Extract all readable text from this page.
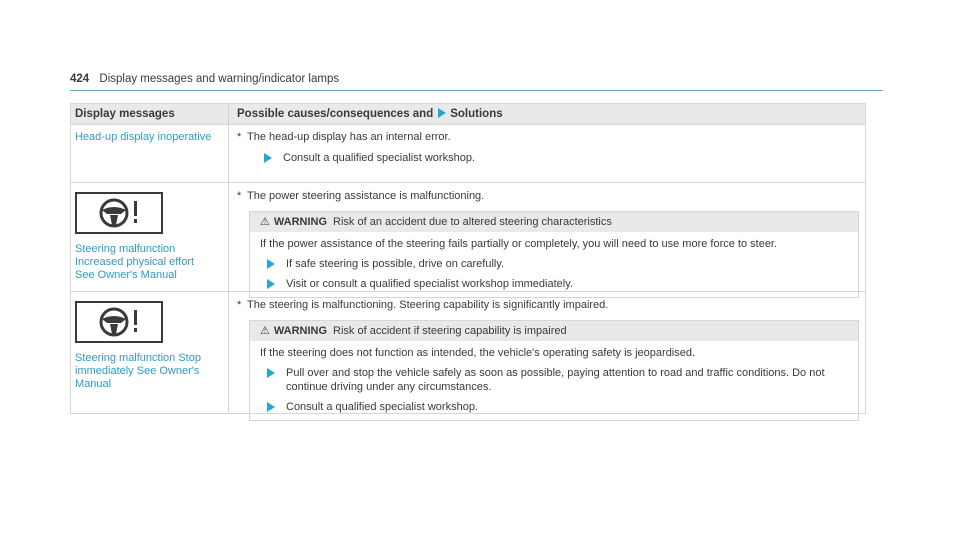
424 Display messages and warning/indicator lamps
Display messages	Possible causes/consequences and Solutions
Head-up display inoperative	* The head-up display has an internal error.
Consult a qualified specialist workshop.
Steering malfunction
Increased physical effort
See Owner's Manual
* The power steering assistance is malfunctioning.
⚠ WARNING Risk of an accident due to altered steering characteristics
If the power assistance of the steering fails partially or completely, you will need to use more force to steer.
If safe steering is possible, drive on carefully.
Visit or consult a qualified specialist workshop immediately.
Steering malfunction Stop
immediately See Owner's
Manual
* The steering is malfunctioning. Steering capability is significantly impaired.
⚠ WARNING Risk of accident if steering capability is impaired
If the steering does not function as intended, the vehicle's operating safety is jeopardised.
Pull over and stop the vehicle safely as soon as possible, paying attention to road and traffic conditions. Do not continue driving under any circumstances.
Consult a qualified specialist workshop.
